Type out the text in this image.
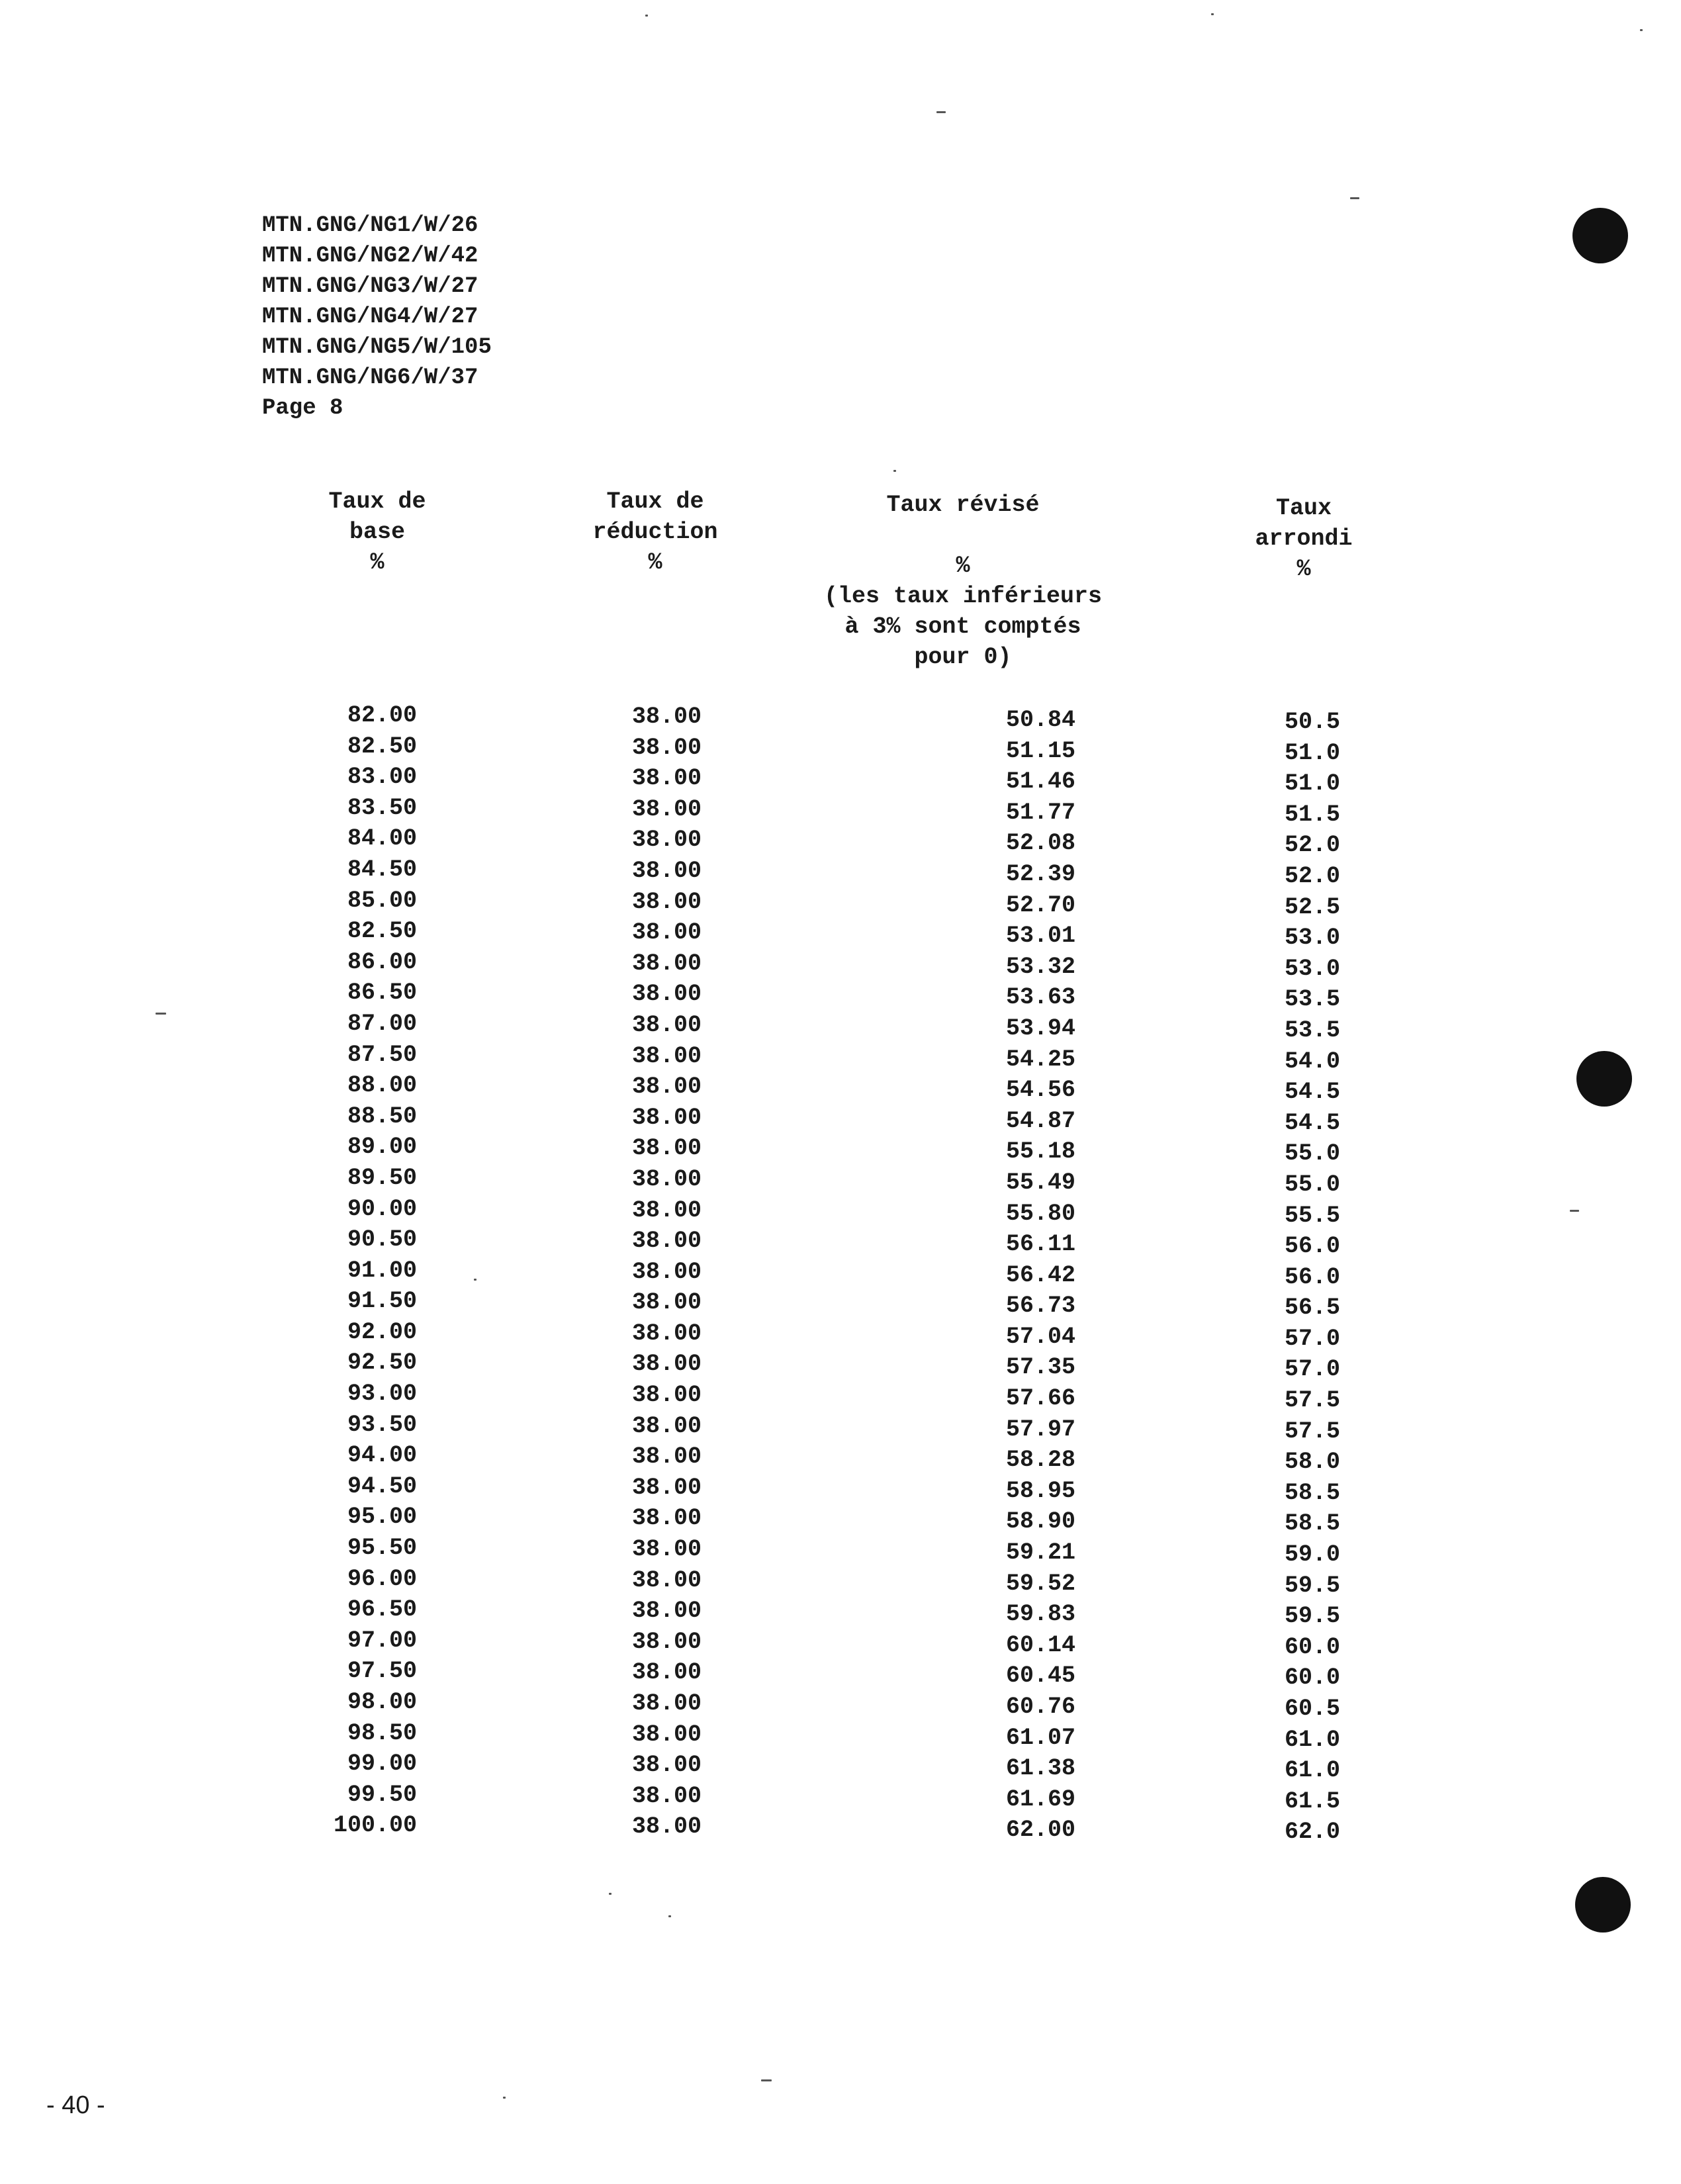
MTN.GNG/NG1/W/26
MTN.GNG/NG2/W/42
MTN.GNG/NG3/W/27
MTN.GNG/NG4/W/27
MTN.GNG/NG5/W/105
MTN.GNG/NG6/W/37
Page 8
Taux de
base
%
Taux de
réduction
%
Taux révisé

%
(les taux inférieurs
à 3% sont comptés
pour 0)
Taux
arrondi
%
82.00
82.50
83.00
83.50
84.00
84.50
85.00
82.50
86.00
86.50
87.00
87.50
88.00
88.50
89.00
89.50
90.00
90.50
91.00
91.50
92.00
92.50
93.00
93.50
94.00
94.50
95.00
95.50
96.00
96.50
97.00
97.50
98.00
98.50
99.00
99.50
100.00
38.00
38.00
38.00
38.00
38.00
38.00
38.00
38.00
38.00
38.00
38.00
38.00
38.00
38.00
38.00
38.00
38.00
38.00
38.00
38.00
38.00
38.00
38.00
38.00
38.00
38.00
38.00
38.00
38.00
38.00
38.00
38.00
38.00
38.00
38.00
38.00
38.00
50.84
51.15
51.46
51.77
52.08
52.39
52.70
53.01
53.32
53.63
53.94
54.25
54.56
54.87
55.18
55.49
55.80
56.11
56.42
56.73
57.04
57.35
57.66
57.97
58.28
58.95
58.90
59.21
59.52
59.83
60.14
60.45
60.76
61.07
61.38
61.69
62.00
50.5
51.0
51.0
51.5
52.0
52.0
52.5
53.0
53.0
53.5
53.5
54.0
54.5
54.5
55.0
55.0
55.5
56.0
56.0
56.5
57.0
57.0
57.5
57.5
58.0
58.5
58.5
59.0
59.5
59.5
60.0
60.0
60.5
61.0
61.0
61.5
62.0
- 40 -
